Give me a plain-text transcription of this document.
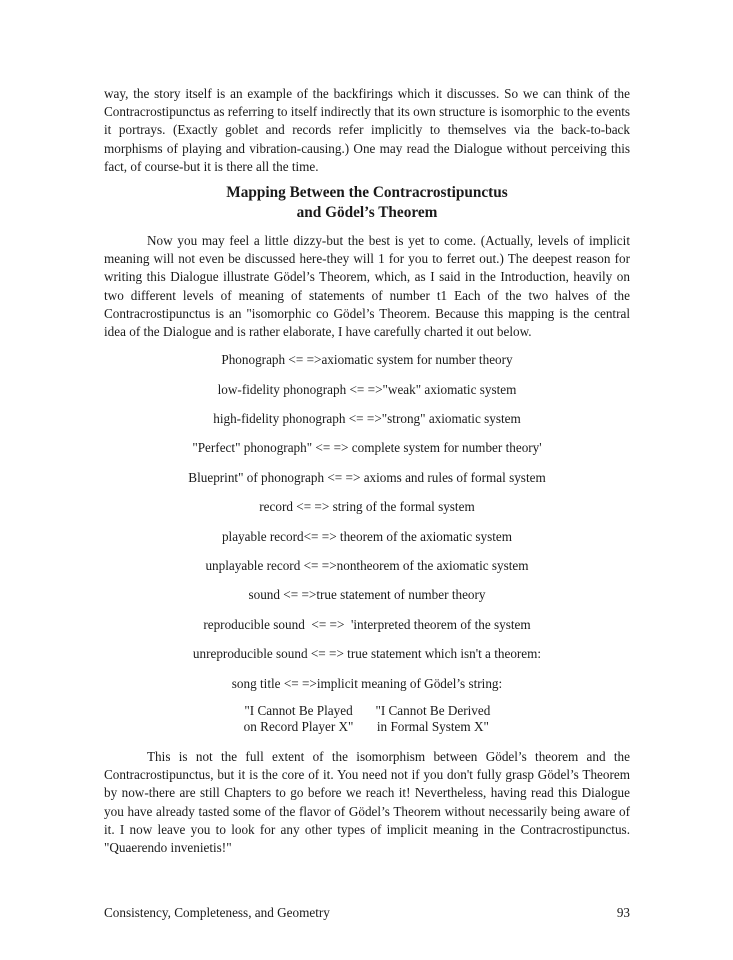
way, the story itself is an example of the backfirings which it discusses. So we can think of the Contracrostipunctus as referring to itself indirectly that its own structure is isomorphic to the events it portrays. (Exactly goblet and records refer implicitly to themselves via the back-to-back morphisms of playing and vibration-causing.) One may read the Dialogue without perceiving this fact, of course-but it is there all the time.

Mapping Between the Contracrostipunctus
and Gödel’s Theorem

Now you may feel a little dizzy-but the best is yet to come. (Actually, levels of implicit meaning will not even be discussed here-they will 1 for you to ferret out.) The deepest reason for writing this Dialogue illustrate Gödel’s Theorem, which, as I said in the Introduction, heavily on two different levels of meaning of statements of number t1 Each of the two halves of the Contracrostipunctus is an "isomorphic co Gödel’s Theorem. Because this mapping is the central idea of the Dialogue and is rather elaborate, I have carefully charted it out below.

Phonograph <= =>axiomatic system for number theory
low-fidelity phonograph <= =>"weak" axiomatic system
high-fidelity phonograph <= =>"strong" axiomatic system
"Perfect" phonograph" <= => complete system for number theory'
Blueprint" of phonograph <= => axioms and rules of formal system
record <= => string of the formal system
playable record<= => theorem of the axiomatic system
unplayable record <= =>nontheorem of the axiomatic system
sound <= =>true statement of number theory
reproducible sound  <= =>  'interpreted theorem of the system
unreproducible sound <= => true statement which isn't a theorem:
song title <= =>implicit meaning of Gödel’s string:
"I Cannot Be Played
on Record Player X"
"I Cannot Be Derived
in Formal System X"

This is not the full extent of the isomorphism between Gödel’s theorem and the Contracrostipunctus, but it is the core of it. You need not if you don't fully grasp Gödel’s Theorem by now-there are still Chapters to go before we reach it! Nevertheless, having read this Dialogue you have already tasted some of the flavor of Gödel’s Theorem without necessarily being aware of it. I now leave you to look for any other types of implicit meaning in the Contracrostipunctus. "Quaerendo invenietis!"

Consistency, Completeness, and Geometry	93
